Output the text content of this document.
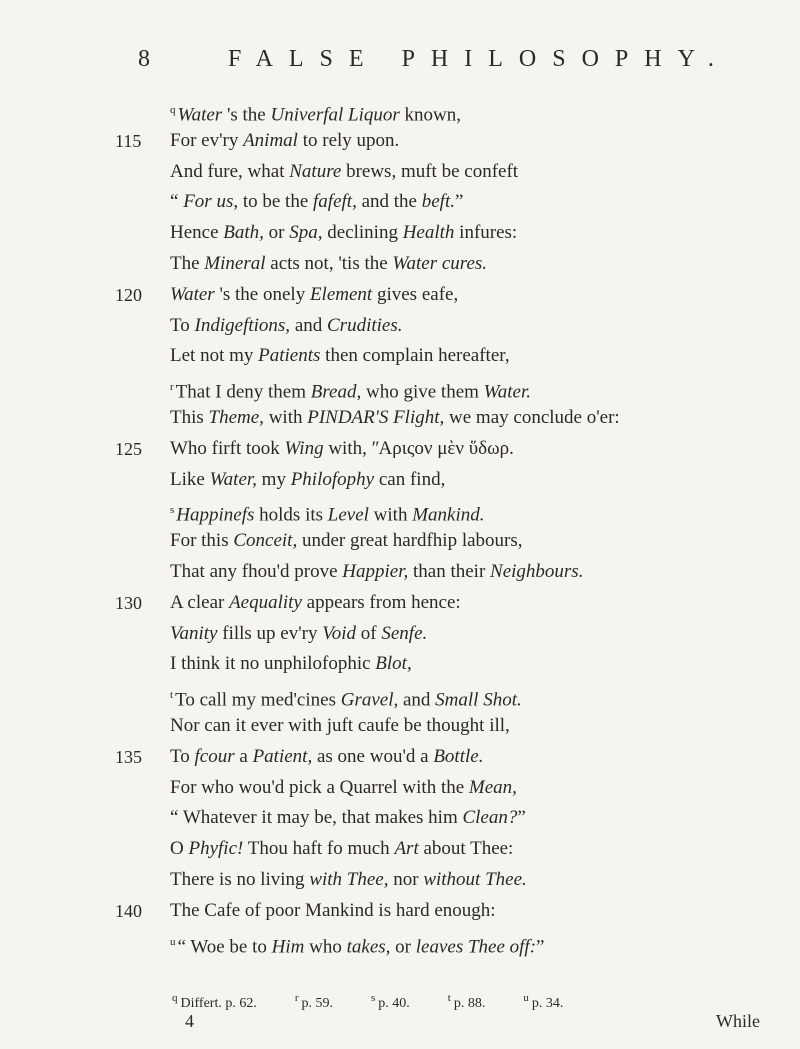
8	FALSE PHILOSOPHY.
$^q$ Water 's the Univerfal Liquor known,
115 For ev'ry Animal to rely upon.
And fure, what Nature brews, muft be confeft
“ For us, to be the fafeft, and the beft.”
Hence Bath, or Spa, declining Health infures:
The Mineral acts not, 'tis the Water cures.
120 Water 's the onely Element gives eafe,
To Indigeftions, and Crudities.
Let not my Patients then complain hereafter,
$^r$ That I deny them Bread, who give them Water.
This Theme, with PINDAR'S Flight, we may conclude o'er:
125 Who firft took Wing with, ʺΑριςον μὲν ὕδωρ.
Like Water, my Philofophy can find,
$^s$ Happinefs holds its Level with Mankind.
For this Conceit, under great hardfhip labours,
That any fhou'd prove Happier, than their Neighbours.
130 A clear Aequality appears from hence:
Vanity fills up ev'ry Void of Senfe.
I think it no unphilofophic Blot,
$^t$ To call my med'cines Gravel, and Small Shot.
Nor can it ever with juft caufe be thought ill,
135 To fcour a Patient, as one wou'd a Bottle.
For who wou'd pick a Quarrel with the Mean,
“ Whatever it may be, that makes him Clean?”
O Phyfic! Thou haft fo much Art about Thee:
There is no living with Thee, nor without Thee.
140 The Cafe of poor Mankind is hard enough:
$^u$ “ Woe be to Him who takes, or leaves Thee off:”
$^q$ Differt. p. 62.	$^r$ p. 59.	$^s$ p. 40.	$^t$ p. 88.	$^u$ p. 34.
4	While
